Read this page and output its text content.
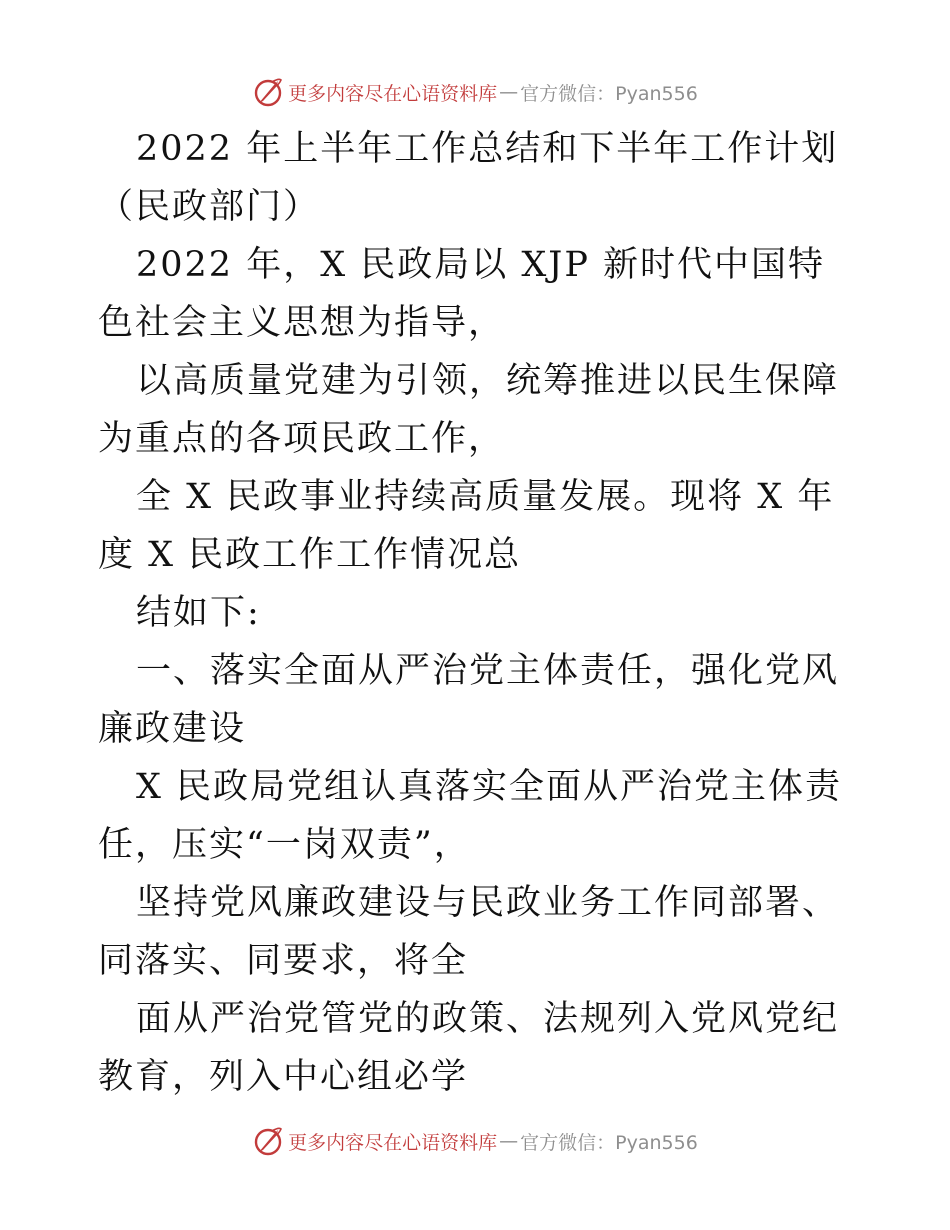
更多内容尽在心语资料库 — 官方微信：Pyan556

2022 年上半年工作总结和下半年工作计划（民政部门）

2022 年，X 民政局以 XJP 新时代中国特色社会主义思想为指导，

以高质量党建为引领，统筹推进以民生保障为重点的各项民政工作，

全 X 民政事业持续高质量发展。现将 X 年度 X 民政工作工作情况总

结如下:

一、落实全面从严治党主体责任，强化党风廉政建设

X 民政局党组认真落实全面从严治党主体责任，压实“一岗双责”，

坚持党风廉政建设与民政业务工作同部署、同落实、同要求，将全

面从严治党管党的政策、法规列入党风党纪教育，列入中心组必学

更多内容尽在心语资料库 — 官方微信：Pyan556
